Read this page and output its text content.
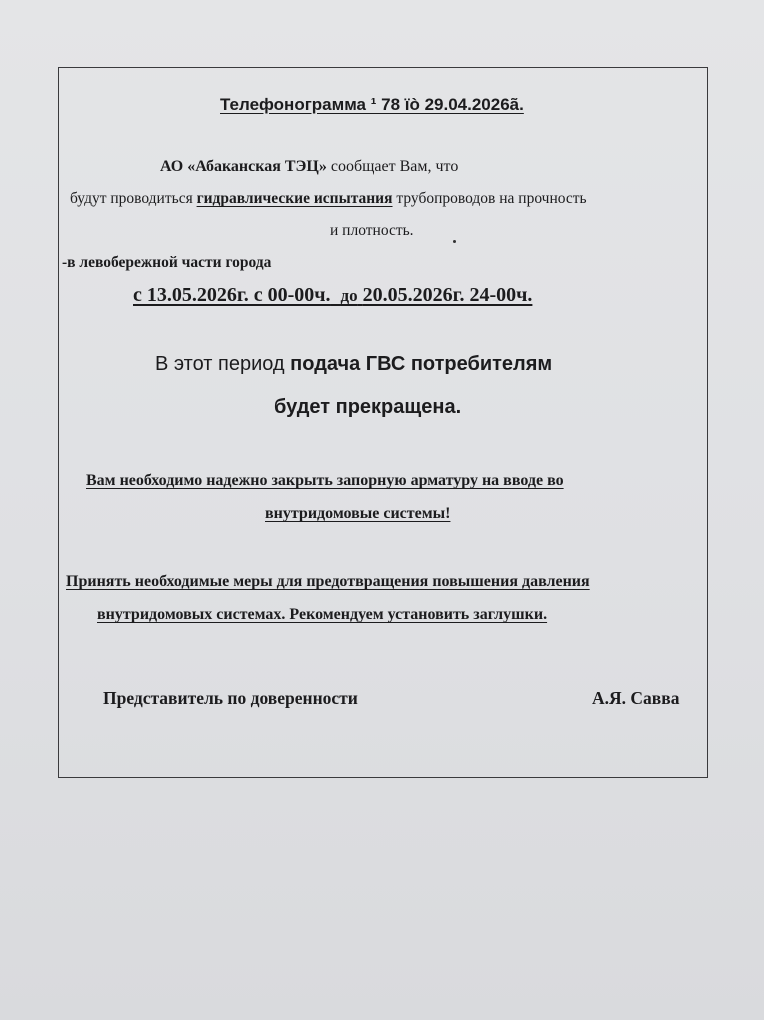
Телефонограмма ¹ 78 ïò 29.04.2026ã.
АО «Абаканская ТЭЦ» сообщает Вам, что
будут проводиться гидравлические испытания трубопроводов на прочность
и плотность.
-в левобережной части города
с 13.05.2026г. с 00-00ч. до 20.05.2026г. 24-00ч.
В этот период подача ГВС потребителям
будет прекращена.
Вам необходимо надежно закрыть запорную арматуру на вводе во
внутридомовые системы!
Принять необходимые меры для предотвращения повышения давления
внутридомовых системах. Рекомендуем установить заглушки.
Представитель по доверенности	А.Я. Савва
